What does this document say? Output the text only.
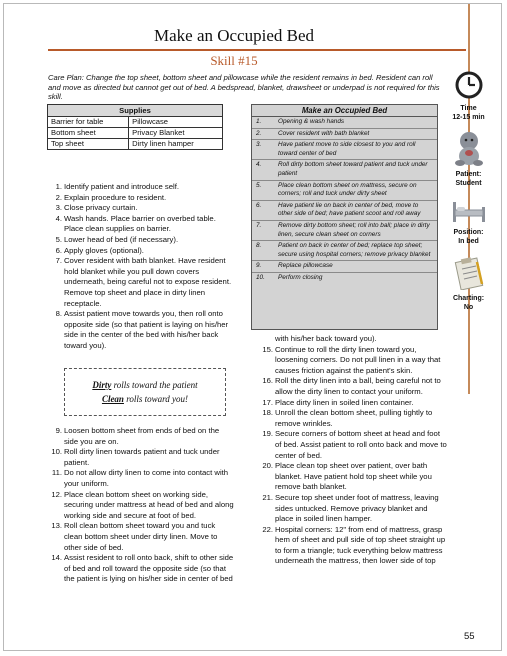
Make an Occupied Bed
Skill #15
Care Plan: Change the top sheet, bottom sheet and pillowcase while the resident remains in bed. Resident can roll and move as directed but cannot get out of bed. A bedspread, blanket, drawsheet or underpad is not required for this skill.
Supplies	
Barrier for table	Pillowcase
Bottom sheet	Privacy Blanket
Top sheet	Dirty linen hamper
Make an Occupied Bed
1.	Opening & wash hands
2.	Cover resident with bath blanket
3.	Have patient move to side closest to you and roll toward center of bed
4.	Roll dirty bottom sheet toward patient and tuck under patient
5.	Place clean bottom sheet on mattress, secure on corners; roll and tuck under dirty sheet
6.	Have patient lie on back in center of bed, move to other side of bed; have patient scoot and roll away
7.	Remove dirty bottom sheet; roll into ball; place in dirty linen, secure clean sheet on corners
8.	Patient on back in center of bed; replace top sheet; secure using hospital corners; remove privacy blanket
9.	Replace pillowcase
10. Perform closing
Time
12-15 min
Patient:
Student
Position:
In bed
Charting:
No
1. Identify patient and introduce self.
2. Explain procedure to resident.
3. Close privacy curtain.
4. Wash hands. Place barrier on overbed table. Place clean supplies on barrier.
5. Lower head of bed (if necessary).
6. Apply gloves (optional).
7. Cover resident with bath blanket. Have resident hold blanket while you pull down covers underneath, being careful not to expose resident. Remove top sheet and place in dirty linen receptacle.
8. Assist patient move towards you, then roll onto opposite side (so that patient is laying on his/her side in the center of the bed with his/her back toward you).
Dirty rolls toward the patient
Clean rolls toward you!
9. Loosen bottom sheet from ends of bed on the side you are on.
10. Roll dirty linen towards patient and tuck under patient.
11. Do not allow dirty linen to come into contact with your uniform.
12. Place clean bottom sheet on working side, securing under mattress at head of bed and along working side and secure at foot of bed.
13. Roll clean bottom sheet toward you and tuck clean bottom sheet under dirty linen. Move to other side of bed.
14. Assist resident to roll onto back, shift to other side of bed and roll toward the opposite side (so that the patient is lying on his/her side in center of bed
with his/her back toward you).
15. Continue to roll the dirty linen toward you, loosening corners. Do not pull linen in a way that causes friction against the patient's skin.
16. Roll the dirty linen into a ball, being careful not to allow the dirty linen to contact your uniform.
17. Place dirty linen in soiled linen container.
18. Unroll the clean bottom sheet, pulling tightly to remove wrinkles.
19. Secure corners of bottom sheet at head and foot of bed. Assist patient to roll onto back and move to center of bed.
20. Place clean top sheet over patient, over bath blanket. Have patient hold top sheet while you remove bath blanket.
21. Secure top sheet under foot of mattress, leaving sides untucked. Remove privacy blanket and place in soiled linen hamper.
22. Hospital corners: 12" from end of mattress, grasp hem of sheet and pull side of top sheet straight up to form a triangle; tuck everything below mattress underneath the mattress, then lower side of top
55
